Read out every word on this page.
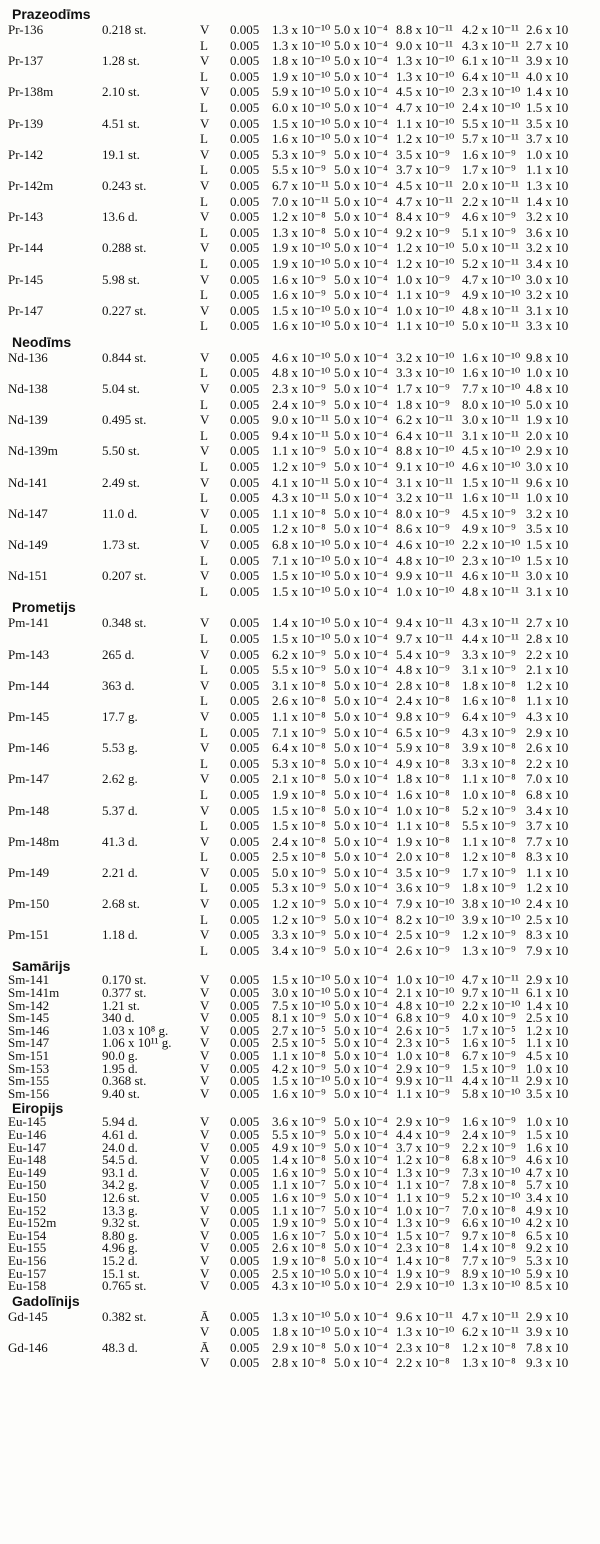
Prazeodīms
Pr-136	0.218 st.	V 0.005 1.3 x 10⁻¹⁰ 5.0 x 10⁻⁴ 8.8 x 10⁻¹¹ 4.2 x 10⁻¹¹ 2.6 x 10
L 0.005 1.3 x 10⁻¹⁰ 5.0 x 10⁻⁴ 9.0 x 10⁻¹¹ 4.3 x 10⁻¹¹ 2.7 x 10
Pr-137	1.28 st.	V 0.005 1.8 x 10⁻¹⁰ 5.0 x 10⁻⁴ 1.3 x 10⁻¹⁰ 6.1 x 10⁻¹¹ 3.9 x 10
L 0.005 1.9 x 10⁻¹⁰ 5.0 x 10⁻⁴ 1.3 x 10⁻¹⁰ 6.4 x 10⁻¹¹ 4.0 x 10
Pr-138m	2.10 st.	V 0.005 5.9 x 10⁻¹⁰ 5.0 x 10⁻⁴ 4.5 x 10⁻¹⁰ 2.3 x 10⁻¹⁰ 1.4 x 10
L 0.005 6.0 x 10⁻¹⁰ 5.0 x 10⁻⁴ 4.7 x 10⁻¹⁰ 2.4 x 10⁻¹⁰ 1.5 x 10
Pr-139	4.51 st.	V 0.005 1.5 x 10⁻¹⁰ 5.0 x 10⁻⁴ 1.1 x 10⁻¹⁰ 5.5 x 10⁻¹¹ 3.5 x 10
L 0.005 1.6 x 10⁻¹⁰ 5.0 x 10⁻⁴ 1.2 x 10⁻¹⁰ 5.7 x 10⁻¹¹ 3.7 x 10
Pr-142	19.1 st.	V 0.005 5.3 x 10⁻⁹ 5.0 x 10⁻⁴ 3.5 x 10⁻⁹ 1.6 x 10⁻⁹ 1.0 x 10
L 0.005 5.5 x 10⁻⁹ 5.0 x 10⁻⁴ 3.7 x 10⁻⁹ 1.7 x 10⁻⁹ 1.1 x 10
Pr-142m	0.243 st.	V 0.005 6.7 x 10⁻¹¹ 5.0 x 10⁻⁴ 4.5 x 10⁻¹¹ 2.0 x 10⁻¹¹ 1.3 x 10
L 0.005 7.0 x 10⁻¹¹ 5.0 x 10⁻⁴ 4.7 x 10⁻¹¹ 2.2 x 10⁻¹¹ 1.4 x 10
Pr-143	13.6 d.	V 0.005 1.2 x 10⁻⁸ 5.0 x 10⁻⁴ 8.4 x 10⁻⁹ 4.6 x 10⁻⁹ 3.2 x 10
L 0.005 1.3 x 10⁻⁸ 5.0 x 10⁻⁴ 9.2 x 10⁻⁹ 5.1 x 10⁻⁹ 3.6 x 10
Pr-144	0.288 st.	V 0.005 1.9 x 10⁻¹⁰ 5.0 x 10⁻⁴ 1.2 x 10⁻¹⁰ 5.0 x 10⁻¹¹ 3.2 x 10
L 0.005 1.9 x 10⁻¹⁰ 5.0 x 10⁻⁴ 1.2 x 10⁻¹⁰ 5.2 x 10⁻¹¹ 3.4 x 10
Pr-145	5.98 st.	V 0.005 1.6 x 10⁻⁹ 5.0 x 10⁻⁴ 1.0 x 10⁻⁹ 4.7 x 10⁻¹⁰ 3.0 x 10
L 0.005 1.6 x 10⁻⁹ 5.0 x 10⁻⁴ 1.1 x 10⁻⁹ 4.9 x 10⁻¹⁰ 3.2 x 10
Pr-147	0.227 st.	V 0.005 1.5 x 10⁻¹⁰ 5.0 x 10⁻⁴ 1.0 x 10⁻¹⁰ 4.8 x 10⁻¹¹ 3.1 x 10
L 0.005 1.6 x 10⁻¹⁰ 5.0 x 10⁻⁴ 1.1 x 10⁻¹⁰ 5.0 x 10⁻¹¹ 3.3 x 10
Neodīms
Nd-136	0.844 st.	V 0.005 4.6 x 10⁻¹⁰ 5.0 x 10⁻⁴ 3.2 x 10⁻¹⁰ 1.6 x 10⁻¹⁰ 9.8 x 10
L 0.005 4.8 x 10⁻¹⁰ 5.0 x 10⁻⁴ 3.3 x 10⁻¹⁰ 1.6 x 10⁻¹⁰ 1.0 x 10
Nd-138	5.04 st.	V 0.005 2.3 x 10⁻⁹ 5.0 x 10⁻⁴ 1.7 x 10⁻⁹ 7.7 x 10⁻¹⁰ 4.8 x 10
L 0.005 2.4 x 10⁻⁹ 5.0 x 10⁻⁴ 1.8 x 10⁻⁹ 8.0 x 10⁻¹⁰ 5.0 x 10
Nd-139	0.495 st.	V 0.005 9.0 x 10⁻¹¹ 5.0 x 10⁻⁴ 6.2 x 10⁻¹¹ 3.0 x 10⁻¹¹ 1.9 x 10
L 0.005 9.4 x 10⁻¹¹ 5.0 x 10⁻⁴ 6.4 x 10⁻¹¹ 3.1 x 10⁻¹¹ 2.0 x 10
Nd-139m	5.50 st.	V 0.005 1.1 x 10⁻⁹ 5.0 x 10⁻⁴ 8.8 x 10⁻¹⁰ 4.5 x 10⁻¹⁰ 2.9 x 10
L 0.005 1.2 x 10⁻⁹ 5.0 x 10⁻⁴ 9.1 x 10⁻¹⁰ 4.6 x 10⁻¹⁰ 3.0 x 10
Nd-141	2.49 st.	V 0.005 4.1 x 10⁻¹¹ 5.0 x 10⁻⁴ 3.1 x 10⁻¹¹ 1.5 x 10⁻¹¹ 9.6 x 10
L 0.005 4.3 x 10⁻¹¹ 5.0 x 10⁻⁴ 3.2 x 10⁻¹¹ 1.6 x 10⁻¹¹ 1.0 x 10
Nd-147	11.0 d.	V 0.005 1.1 x 10⁻⁸ 5.0 x 10⁻⁴ 8.0 x 10⁻⁹ 4.5 x 10⁻⁹ 3.2 x 10
L 0.005 1.2 x 10⁻⁸ 5.0 x 10⁻⁴ 8.6 x 10⁻⁹ 4.9 x 10⁻⁹ 3.5 x 10
Nd-149	1.73 st.	V 0.005 6.8 x 10⁻¹⁰ 5.0 x 10⁻⁴ 4.6 x 10⁻¹⁰ 2.2 x 10⁻¹⁰ 1.5 x 10
L 0.005 7.1 x 10⁻¹⁰ 5.0 x 10⁻⁴ 4.8 x 10⁻¹⁰ 2.3 x 10⁻¹⁰ 1.5 x 10
Nd-151	0.207 st.	V 0.005 1.5 x 10⁻¹⁰ 5.0 x 10⁻⁴ 9.9 x 10⁻¹¹ 4.6 x 10⁻¹¹ 3.0 x 10
L 0.005 1.5 x 10⁻¹⁰ 5.0 x 10⁻⁴ 1.0 x 10⁻¹⁰ 4.8 x 10⁻¹¹ 3.1 x 10
Prometijs
Pm-141	0.348 st.	V 0.005 1.4 x 10⁻¹⁰ 5.0 x 10⁻⁴ 9.4 x 10⁻¹¹ 4.3 x 10⁻¹¹ 2.7 x 10
L 0.005 1.5 x 10⁻¹⁰ 5.0 x 10⁻⁴ 9.7 x 10⁻¹¹ 4.4 x 10⁻¹¹ 2.8 x 10
Pm-143	265 d.	V 0.005 6.2 x 10⁻⁹ 5.0 x 10⁻⁴ 5.4 x 10⁻⁹ 3.3 x 10⁻⁹ 2.2 x 10
L 0.005 5.5 x 10⁻⁹ 5.0 x 10⁻⁴ 4.8 x 10⁻⁹ 3.1 x 10⁻⁹ 2.1 x 10
Pm-144	363 d.	V 0.005 3.1 x 10⁻⁸ 5.0 x 10⁻⁴ 2.8 x 10⁻⁸ 1.8 x 10⁻⁸ 1.2 x 10
L 0.005 2.6 x 10⁻⁸ 5.0 x 10⁻⁴ 2.4 x 10⁻⁸ 1.6 x 10⁻⁸ 1.1 x 10
Pm-145	17.7 g.	V 0.005 1.1 x 10⁻⁸ 5.0 x 10⁻⁴ 9.8 x 10⁻⁹ 6.4 x 10⁻⁹ 4.3 x 10
L 0.005 7.1 x 10⁻⁹ 5.0 x 10⁻⁴ 6.5 x 10⁻⁹ 4.3 x 10⁻⁹ 2.9 x 10
Pm-146	5.53 g.	V 0.005 6.4 x 10⁻⁸ 5.0 x 10⁻⁴ 5.9 x 10⁻⁸ 3.9 x 10⁻⁸ 2.6 x 10
L 0.005 5.3 x 10⁻⁸ 5.0 x 10⁻⁴ 4.9 x 10⁻⁸ 3.3 x 10⁻⁸ 2.2 x 10
Pm-147	2.62 g.	V 0.005 2.1 x 10⁻⁸ 5.0 x 10⁻⁴ 1.8 x 10⁻⁸ 1.1 x 10⁻⁸ 7.0 x 10
L 0.005 1.9 x 10⁻⁸ 5.0 x 10⁻⁴ 1.6 x 10⁻⁸ 1.0 x 10⁻⁸ 6.8 x 10
Pm-148	5.37 d.	V 0.005 1.5 x 10⁻⁸ 5.0 x 10⁻⁴ 1.0 x 10⁻⁸ 5.2 x 10⁻⁹ 3.4 x 10
L 0.005 1.5 x 10⁻⁸ 5.0 x 10⁻⁴ 1.1 x 10⁻⁸ 5.5 x 10⁻⁹ 3.7 x 10
Pm-148m	41.3 d.	V 0.005 2.4 x 10⁻⁸ 5.0 x 10⁻⁴ 1.9 x 10⁻⁸ 1.1 x 10⁻⁸ 7.7 x 10
L 0.005 2.5 x 10⁻⁸ 5.0 x 10⁻⁴ 2.0 x 10⁻⁸ 1.2 x 10⁻⁸ 8.3 x 10
Pm-149	2.21 d.	V 0.005 5.0 x 10⁻⁹ 5.0 x 10⁻⁴ 3.5 x 10⁻⁹ 1.7 x 10⁻⁹ 1.1 x 10
L 0.005 5.3 x 10⁻⁹ 5.0 x 10⁻⁴ 3.6 x 10⁻⁹ 1.8 x 10⁻⁹ 1.2 x 10
Pm-150	2.68 st.	V 0.005 1.2 x 10⁻⁹ 5.0 x 10⁻⁴ 7.9 x 10⁻¹⁰ 3.8 x 10⁻¹⁰ 2.4 x 10
L 0.005 1.2 x 10⁻⁹ 5.0 x 10⁻⁴ 8.2 x 10⁻¹⁰ 3.9 x 10⁻¹⁰ 2.5 x 10
Pm-151	1.18 d.	V 0.005 3.3 x 10⁻⁹ 5.0 x 10⁻⁴ 2.5 x 10⁻⁹ 1.2 x 10⁻⁹ 8.3 x 10
L 0.005 3.4 x 10⁻⁹ 5.0 x 10⁻⁴ 2.6 x 10⁻⁹ 1.3 x 10⁻⁹ 7.9 x 10
Samārijs
Sm-141	0.170 st.	V 0.005 1.5 x 10⁻¹⁰ 5.0 x 10⁻⁴ 1.0 x 10⁻¹⁰ 4.7 x 10⁻¹¹ 2.9 x 10
Sm-141m	0.377 st.	V 0.005 3.0 x 10⁻¹⁰ 5.0 x 10⁻⁴ 2.1 x 10⁻¹⁰ 9.7 x 10⁻¹¹ 6.1 x 10
Sm-142	1.21 st.	V 0.005 7.5 x 10⁻¹⁰ 5.0 x 10⁻⁴ 4.8 x 10⁻¹⁰ 2.2 x 10⁻¹⁰ 1.4 x 10
Sm-145	340 d.	V 0.005 8.1 x 10⁻⁹ 5.0 x 10⁻⁴ 6.8 x 10⁻⁹ 4.0 x 10⁻⁹ 2.5 x 10
Sm-146	1.03 x 10⁸ g. V 0.005 2.7 x 10⁻⁵ 5.0 x 10⁻⁴ 2.6 x 10⁻⁵ 1.7 x 10⁻⁵ 1.2 x 10
Sm-147	1.06 x 10¹¹ g. V 0.005 2.5 x 10⁻⁵ 5.0 x 10⁻⁴ 2.3 x 10⁻⁵ 1.6 x 10⁻⁵ 1.1 x 10
Sm-151	90.0 g.	V 0.005 1.1 x 10⁻⁸ 5.0 x 10⁻⁴ 1.0 x 10⁻⁸ 6.7 x 10⁻⁹ 4.5 x 10
Sm-153	1.95 d.	V 0.005 4.2 x 10⁻⁹ 5.0 x 10⁻⁴ 2.9 x 10⁻⁹ 1.5 x 10⁻⁹ 1.0 x 10
Sm-155	0.368 st.	V 0.005 1.5 x 10⁻¹⁰ 5.0 x 10⁻⁴ 9.9 x 10⁻¹¹ 4.4 x 10⁻¹¹ 2.9 x 10
Sm-156	9.40 st.	V 0.005 1.6 x 10⁻⁹ 5.0 x 10⁻⁴ 1.1 x 10⁻⁹ 5.8 x 10⁻¹⁰ 3.5 x 10
Eiropijs
Eu-145	5.94 d.	V 0.005 3.6 x 10⁻⁹ 5.0 x 10⁻⁴ 2.9 x 10⁻⁹ 1.6 x 10⁻⁹ 1.0 x 10
Eu-146	4.61 d.	V 0.005 5.5 x 10⁻⁹ 5.0 x 10⁻⁴ 4.4 x 10⁻⁹ 2.4 x 10⁻⁹ 1.5 x 10
Eu-147	24.0 d.	V 0.005 4.9 x 10⁻⁹ 5.0 x 10⁻⁴ 3.7 x 10⁻⁹ 2.2 x 10⁻⁹ 1.6 x 10
Eu-148	54.5 d.	V 0.005 1.4 x 10⁻⁸ 5.0 x 10⁻⁴ 1.2 x 10⁻⁸ 6.8 x 10⁻⁹ 4.6 x 10
Eu-149	93.1 d.	V 0.005 1.6 x 10⁻⁹ 5.0 x 10⁻⁴ 1.3 x 10⁻⁹ 7.3 x 10⁻¹⁰ 4.7 x 10
Eu-150	34.2 g.	V 0.005 1.1 x 10⁻⁷ 5.0 x 10⁻⁴ 1.1 x 10⁻⁷ 7.8 x 10⁻⁸ 5.7 x 10
Eu-150	12.6 st.	V 0.005 1.6 x 10⁻⁹ 5.0 x 10⁻⁴ 1.1 x 10⁻⁹ 5.2 x 10⁻¹⁰ 3.4 x 10
Eu-152	13.3 g.	V 0.005 1.1 x 10⁻⁷ 5.0 x 10⁻⁴ 1.0 x 10⁻⁷ 7.0 x 10⁻⁸ 4.9 x 10
Eu-152m	9.32 st.	V 0.005 1.9 x 10⁻⁹ 5.0 x 10⁻⁴ 1.3 x 10⁻⁹ 6.6 x 10⁻¹⁰ 4.2 x 10
Eu-154	8.80 g.	V 0.005 1.6 x 10⁻⁷ 5.0 x 10⁻⁴ 1.5 x 10⁻⁷ 9.7 x 10⁻⁸ 6.5 x 10
Eu-155	4.96 g.	V 0.005 2.6 x 10⁻⁸ 5.0 x 10⁻⁴ 2.3 x 10⁻⁸ 1.4 x 10⁻⁸ 9.2 x 10
Eu-156	15.2 d.	V 0.005 1.9 x 10⁻⁸ 5.0 x 10⁻⁴ 1.4 x 10⁻⁸ 7.7 x 10⁻⁹ 5.3 x 10
Eu-157	15.1 st.	V 0.005 2.5 x 10⁻¹⁰ 5.0 x 10⁻⁴ 1.9 x 10⁻⁹ 8.9 x 10⁻¹⁰ 5.9 x 10
Eu-158	0.765 st.	V 0.005 4.3 x 10⁻¹⁰ 5.0 x 10⁻⁴ 2.9 x 10⁻¹⁰ 1.3 x 10⁻¹⁰ 8.5 x 10
Gadolīnijs
Gd-145	0.382 st.	Ā 0.005 1.3 x 10⁻¹⁰ 5.0 x 10⁻⁴ 9.6 x 10⁻¹¹ 4.7 x 10⁻¹¹ 2.9 x 10
V 0.005 1.8 x 10⁻¹⁰ 5.0 x 10⁻⁴ 1.3 x 10⁻¹⁰ 6.2 x 10⁻¹¹ 3.9 x 10
Gd-146	48.3 d.	Ā 0.005 2.9 x 10⁻⁸ 5.0 x 10⁻⁴ 2.3 x 10⁻⁸ 1.2 x 10⁻⁸ 7.8 x 10
V 0.005 2.8 x 10⁻⁸ 5.0 x 10⁻⁴ 2.2 x 10⁻⁸ 1.3 x 10⁻⁸ 9.3 x 10
